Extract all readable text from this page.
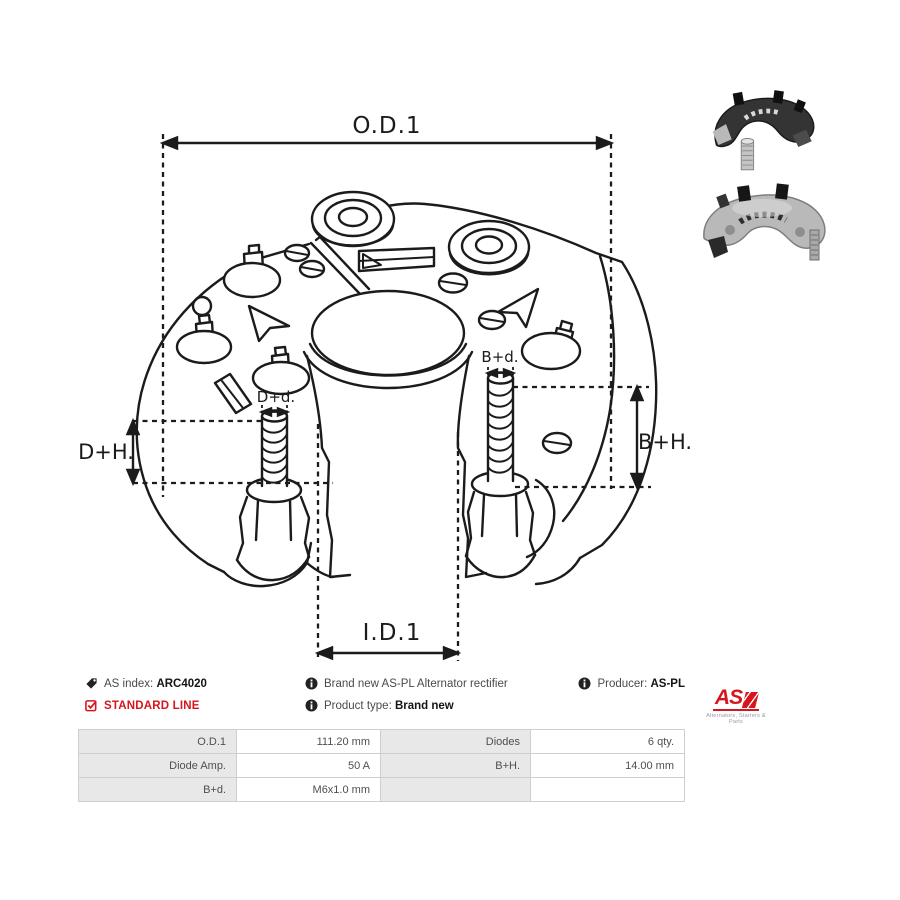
O.D.1
I.D.1
D+H.	B+H.
D+d.
B+d.
AS index: ARC4020	Brand new AS-PL Alternator rectifier	Producer: AS-PL
STANDARD LINE	Product type: Brand new	AS
Alternators, Starters & Parts
O.D.1	111.20 mm	Diodes	6 qty.
Diode Amp.	50 A	B+H.	14.00 mm
B+d.	M6x1.0 mm		
